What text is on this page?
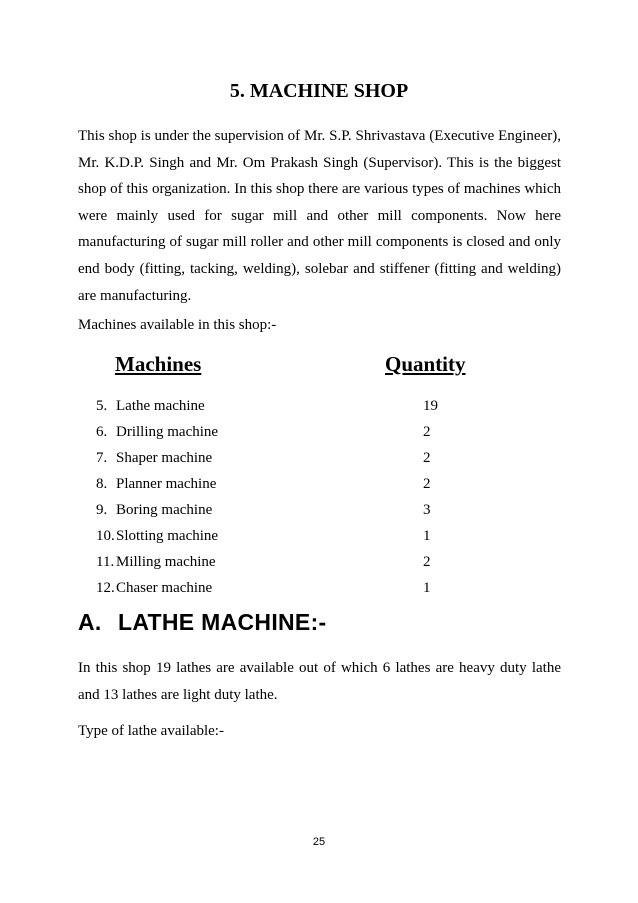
5. MACHINE SHOP

This shop is under the supervision of Mr. S.P. Shrivastava (Executive Engineer), Mr. K.D.P. Singh and Mr. Om Prakash Singh (Supervisor). This is the biggest shop of this organization. In this shop there are various types of machines which were mainly used for sugar mill and other mill components. Now here manufacturing of sugar mill roller and other mill components is closed and only end body (fitting, tacking, welding), solebar and stiffener (fitting and welding) are manufacturing.

Machines available in this shop:-

Machines	Quantity
5. Lathe machine	19
6. Drilling machine	2
7. Shaper machine	2
8. Planner machine	2
9. Boring machine	3
10. Slotting machine	1
11. Milling machine	2
12. Chaser machine	1
A. LATHE MACHINE:-

In this shop 19 lathes are available out of which 6 lathes are heavy duty lathe and 13 lathes are light duty lathe.

Type of lathe available:-

25
